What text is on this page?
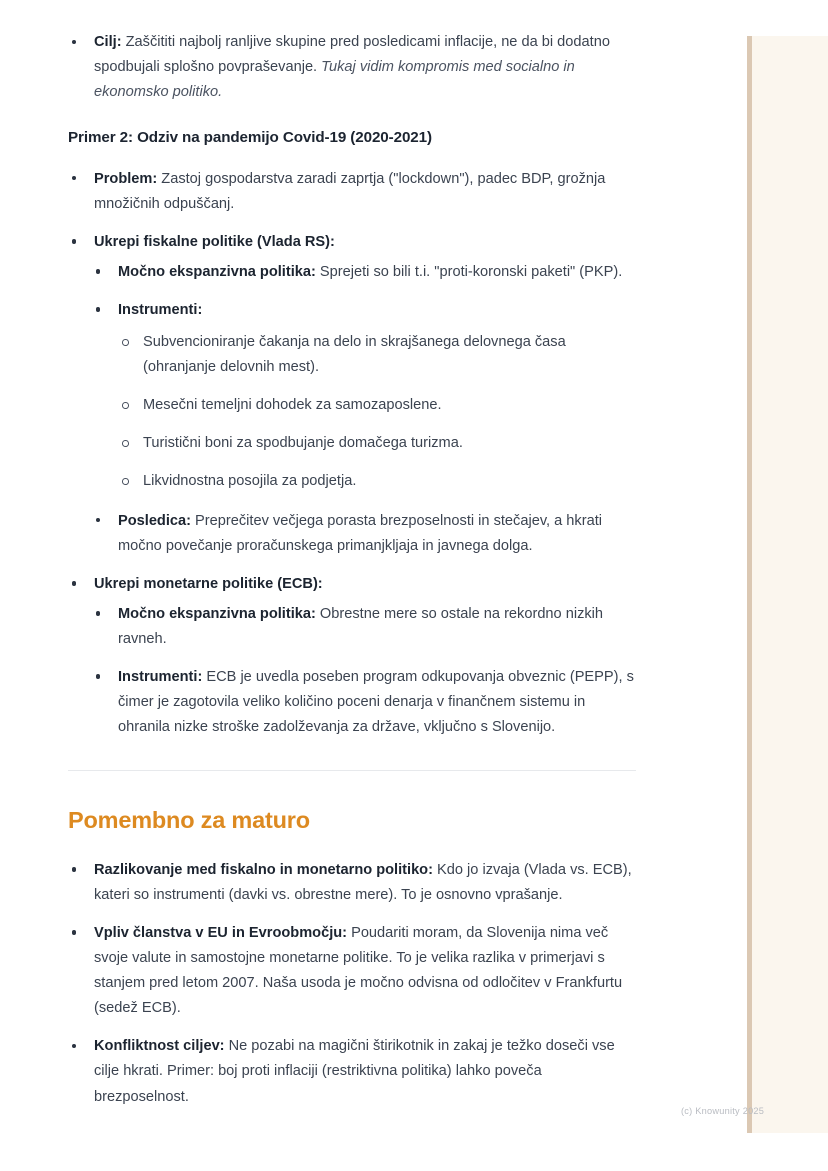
Cilj: Zaščititi najbolj ranljive skupine pred posledicami inflacije, ne da bi dodatno spodbujali splošno povpraševanje. Tukaj vidim kompromis med socialno in ekonomsko politiko.
Primer 2: Odziv na pandemijo Covid-19 (2020-2021)
Problem: Zastoj gospodarstva zaradi zaprtja ("lockdown"), padec BDP, grožnja množičnih odpuščanj.
Ukrepi fiskalne politike (Vlada RS):
Močno ekspanzivna politika: Sprejeti so bili t.i. "proti-koronski paketi" (PKP).
Instrumenti:
Subvencioniranje čakanja na delo in skrajšanega delovnega časa (ohranjanje delovnih mest).
Mesečni temeljni dohodek za samozaposlene.
Turistični boni za spodbujanje domačega turizma.
Likvidnostna posojila za podjetja.
Posledica: Preprečitev večjega porasta brezposelnosti in stečajev, a hkrati močno povečanje proračunskega primanjkljaja in javnega dolga.
Ukrepi monetarne politike (ECB):
Močno ekspanzivna politika: Obrestne mere so ostale na rekordno nizkih ravneh.
Instrumenti: ECB je uvedla poseben program odkupovanja obveznic (PEPP), s čimer je zagotovila veliko količino poceni denarja v finančnem sistemu in ohranila nizke stroške zadolževanja za države, vključno s Slovenijo.
Pomembno za maturo
Razlikovanje med fiskalno in monetarno politiko: Kdo jo izvaja (Vlada vs. ECB), kateri so instrumenti (davki vs. obrestne mere). To je osnovno vprašanje.
Vpliv članstva v EU in Evroobmočju: Poudariti moram, da Slovenija nima več svoje valute in samostojne monetarne politike. To je velika razlika v primerjavi s stanjem pred letom 2007. Naša usoda je močno odvisna od odločitev v Frankfurtu (sedež ECB).
Konfliktnost ciljev: Ne pozabi na magični štirikotnik in zakaj je težko doseči vse cilje hkrati. Primer: boj proti inflaciji (restriktivna politika) lahko poveča brezposelnost.
(c) Knowunity 2025
